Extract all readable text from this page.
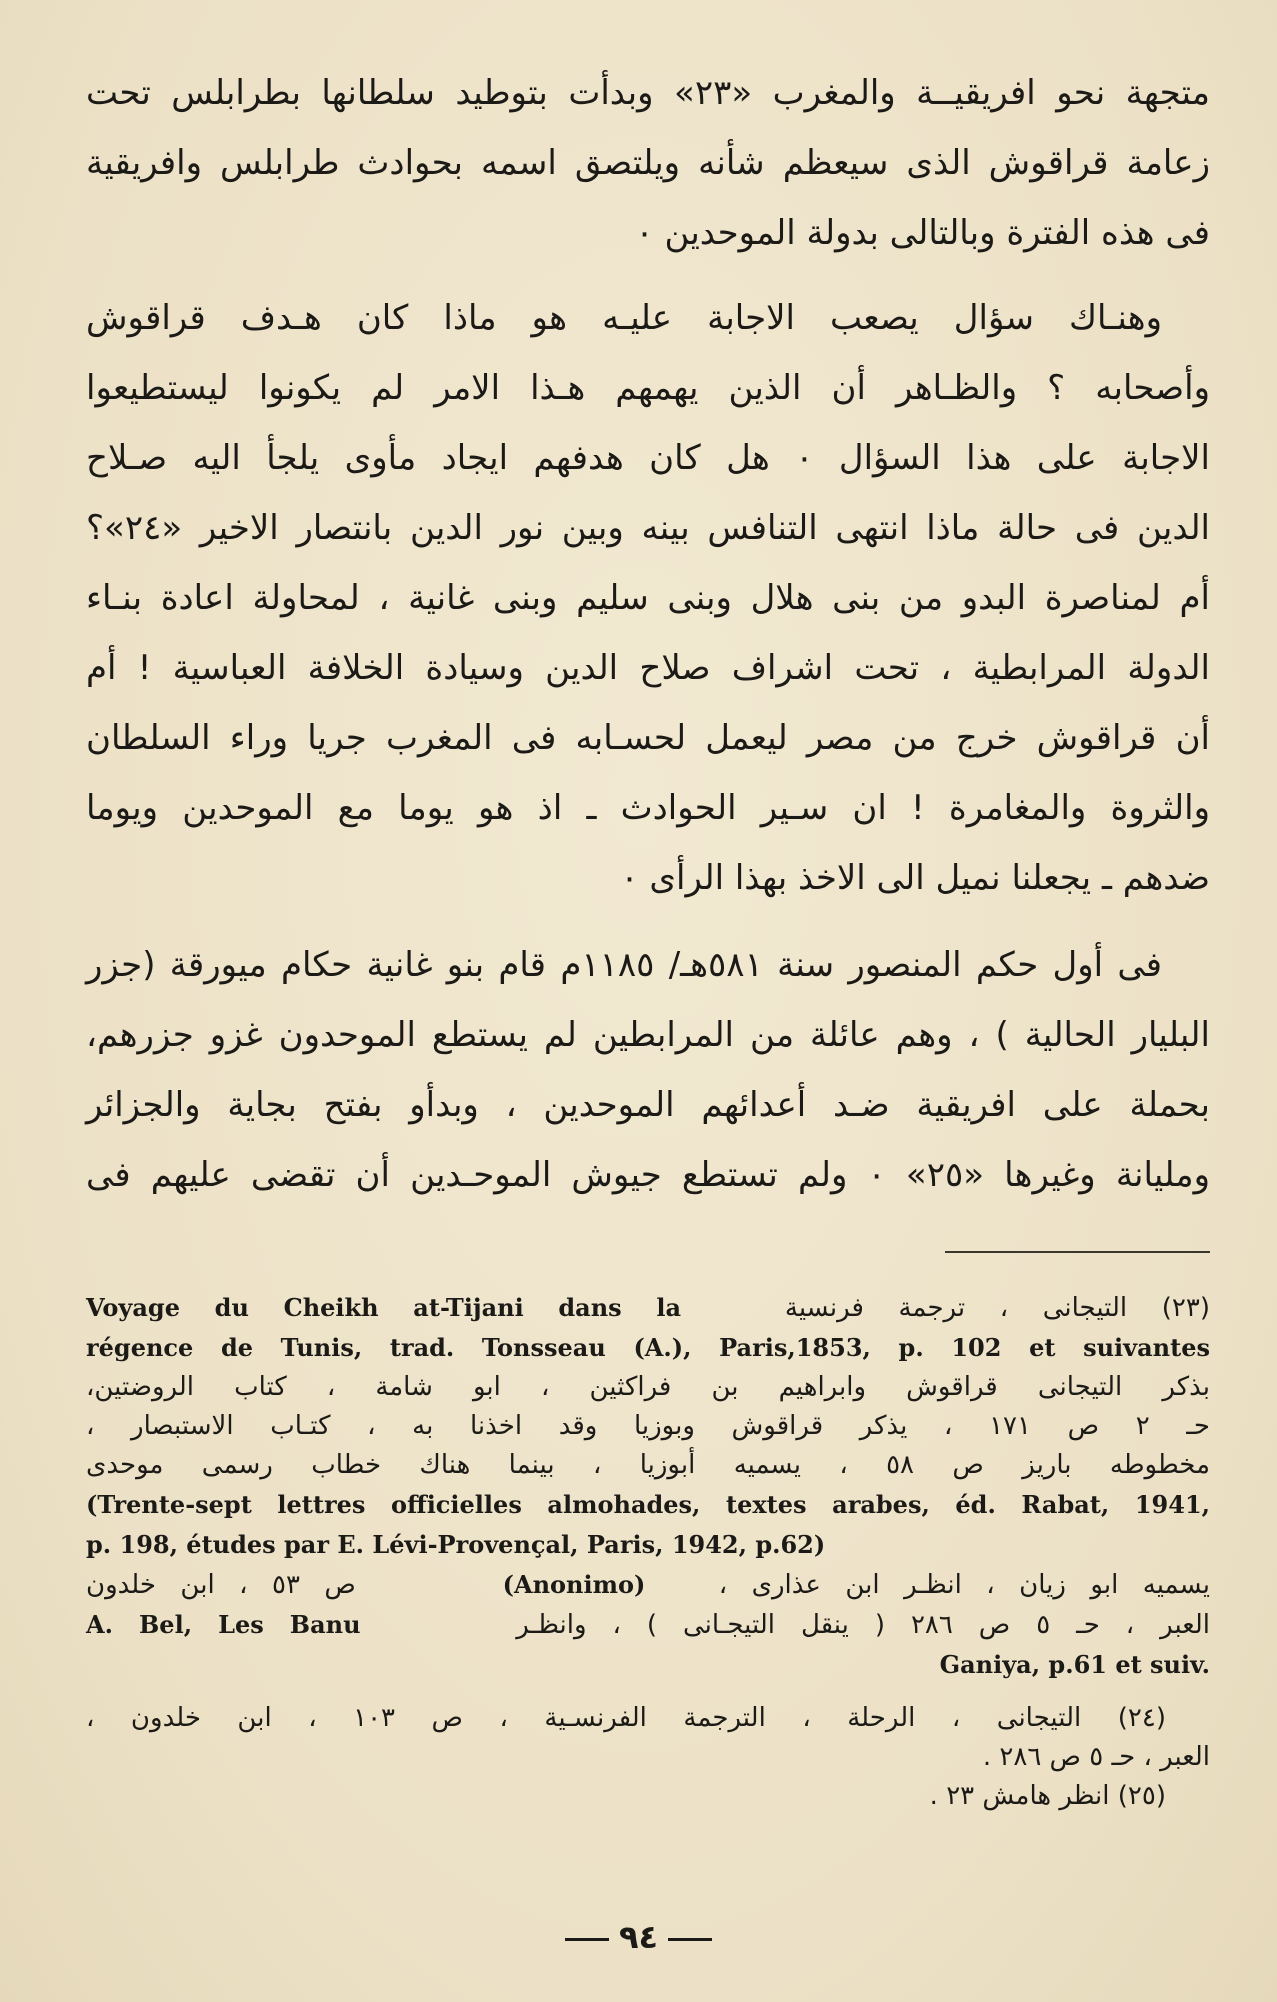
متجهة نحو افريقيــة والمغرب «٢٣» وبدأت بتوطيد سلطانها بطرابلس تحت
زعامة قراقوش الذى سيعظم شأنه ويلتصق اسمه بحوادث طرابلس وافريقية
فى هذه الفترة وبالتالى بدولة الموحدين ٠

وهنـاك سؤال يصعب الاجابة عليـه هو ماذا كان هـدف قراقوش
وأصحابه ؟ والظـاهر أن الذين يهمهم هـذا الامر لم يكونوا ليستطيعوا
الاجابة على هذا السؤال ٠ هل كان هدفهم ايجاد مأوى يلجأ اليه صـلاح
الدين فى حالة ماذا انتهى التنافس بينه وبين نور الدين بانتصار الاخير «٢٤»؟
أم لمناصرة البدو من بنى هلال وبنى سليم وبنى غانية ، لمحاولة اعادة بنـاء
الدولة المرابطية ، تحت اشراف صلاح الدين وسيادة الخلافة العباسية ! أم
أن قراقوش خرج من مصر ليعمل لحسـابه فى المغرب جريا وراء السلطان
والثروة والمغامرة ! ان سـير الحوادث ـ اذ هو يوما مع الموحدين ويوما
ضدهم ـ يجعلنا نميل الى الاخذ بهذا الرأى ٠

فى أول حكم المنصور سنة ٥٨١هـ/ ١١٨٥م قام بنو غانية حكام ميورقة (جزر
البليار الحالية ) ، وهم عائلة من المرابطين لم يستطع الموحدون غزو جزرهم،
بحملة على افريقية ضـد أعدائهم الموحدين ، وبدأو بفتح بجاية والجزائر
ومليانة وغيرها «٢٥» ٠ ولم تستطع جيوش الموحـدين أن تقضى عليهم فى

(٢٣) التيجانى ، ترجمة فرنسية   Voyage du Cheikh at-Tijani dans la
régence de Tunis, trad. Tonsseau (A.), Paris,1853, p. 102 et suivantes
بذكر التيجانى قراقوش وابراهيم بن فراكثين ، ابو شامة ، كتاب الروضتين،
حـ ٢ ص ١٧١ ، يذكر قراقوش وبوزيا وقد اخذنا به ، كتـاب الاستبصار ،
مخطوطه باريز ص ٥٨ ، يسميه أبوزيا ، بينما هناك خطاب رسمى موحدى
(Trente-sept lettres officielles almohades, textes arabes, éd. Rabat, 1941,
p. 198, études par E. Lévi-Provençal, Paris, 1942, p.62)
يسميه ابو زيان ، انظـر ابن عذارى ،   (Anonimo)      ص ٥٣ ، ابن خلدون
العبر ، حـ ٥ ص ٢٨٦ ( ينقل التيجـانى ) ، وانظـر      A. Bel, Les Banu
Ganiya, p.61 et suiv.
(٢٤) التيجانى ، الرحلة ، الترجمة الفرنسـية ، ص ١٠٣ ، ابن خلدون ،
العبر ، حـ ٥ ص ٢٨٦ .
(٢٥) انظر هامش ٢٣ .
٩٤
